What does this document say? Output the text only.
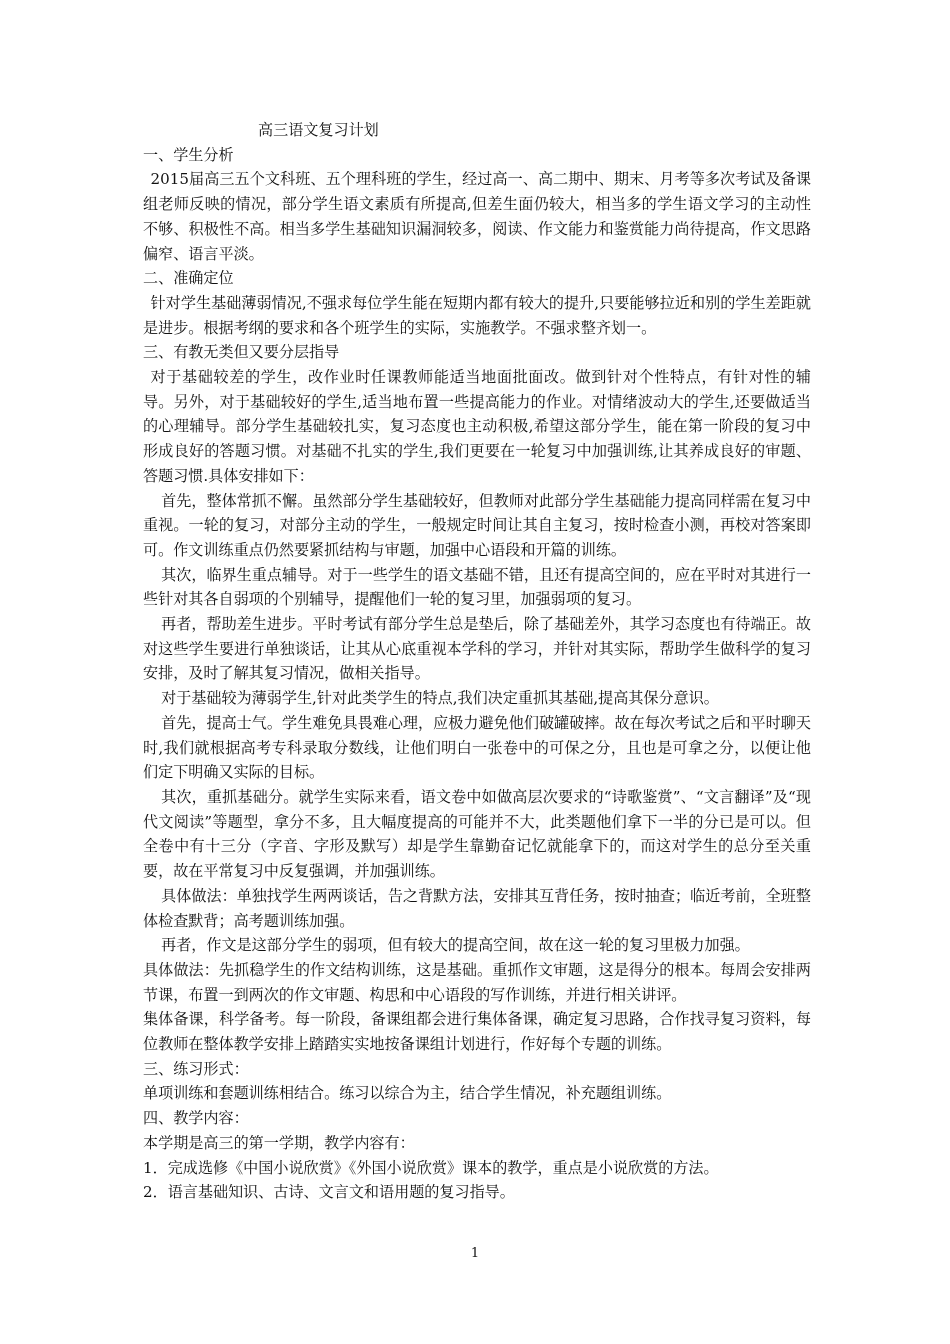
高三语文复习计划

一、学生分析

2015届高三五个文科班、五个理科班的学生，经过高一、高二期中、期末、月考等多次考试及备课组老师反映的情况，部分学生语文素质有所提高,但差生面仍较大，相当多的学生语文学习的主动性不够、积极性不高。相当多学生基础知识漏洞较多，阅读、作文能力和鉴赏能力尚待提高，作文思路偏窄、语言平淡。

二、准确定位

针对学生基础薄弱情况,不强求每位学生能在短期内都有较大的提升,只要能够拉近和别的学生差距就是进步。根据考纲的要求和各个班学生的实际，实施教学。不强求整齐划一。

三、有教无类但又要分层指导

对于基础较差的学生，改作业时任课教师能适当地面批面改。做到针对个性特点，有针对性的辅导。另外，对于基础较好的学生,适当地布置一些提高能力的作业。对情绪波动大的学生,还要做适当的心理辅导。部分学生基础较扎实，复习态度也主动积极,希望这部分学生，能在第一阶段的复习中形成良好的答题习惯。对基础不扎实的学生,我们更要在一轮复习中加强训练,让其养成良好的审题、答题习惯.具体安排如下：

首先，整体常抓不懈。虽然部分学生基础较好，但教师对此部分学生基础能力提高同样需在复习中重视。一轮的复习，对部分主动的学生，一般规定时间让其自主复习，按时检查小测，再校对答案即可。作文训练重点仍然要紧抓结构与审题，加强中心语段和开篇的训练。

其次，临界生重点辅导。对于一些学生的语文基础不错，且还有提高空间的，应在平时对其进行一些针对其各自弱项的个别辅导，提醒他们一轮的复习里，加强弱项的复习。

再者，帮助差生进步。平时考试有部分学生总是垫后，除了基础差外，其学习态度也有待端正。故对这些学生要进行单独谈话，让其从心底重视本学科的学习，并针对其实际，帮助学生做科学的复习安排，及时了解其复习情况，做相关指导。

对于基础较为薄弱学生,针对此类学生的特点,我们决定重抓其基础,提高其保分意识。

首先，提高士气。学生难免具畏难心理，应极力避免他们破罐破摔。故在每次考试之后和平时聊天时,我们就根据高考专科录取分数线，让他们明白一张卷中的可保之分，且也是可拿之分，以便让他们定下明确又实际的目标。

其次，重抓基础分。就学生实际来看，语文卷中如做高层次要求的“诗歌鉴赏”、“文言翻译”及“现代文阅读”等题型，拿分不多，且大幅度提高的可能并不大，此类题他们拿下一半的分已是可以。但全卷中有十三分（字音、字形及默写）却是学生靠勤奋记忆就能拿下的，而这对学生的总分至关重要，故在平常复习中反复强调，并加强训练。

具体做法：单独找学生两两谈话，告之背默方法，安排其互背任务，按时抽查；临近考前，全班整体检查默背；高考题训练加强。

再者，作文是这部分学生的弱项，但有较大的提高空间，故在这一轮的复习里极力加强。

具体做法：先抓稳学生的作文结构训练，这是基础。重抓作文审题，这是得分的根本。每周会安排两节课，布置一到两次的作文审题、构思和中心语段的写作训练，并进行相关讲评。

集体备课，科学备考。每一阶段，备课组都会进行集体备课，确定复习思路，合作找寻复习资料，每位教师在整体教学安排上踏踏实实地按备课组计划进行，作好每个专题的训练。

三、练习形式：

单项训练和套题训练相结合。练习以综合为主，结合学生情况，补充题组训练。

四、教学内容：

本学期是高三的第一学期，教学内容有：

1．完成选修《中国小说欣赏》《外国小说欣赏》课本的教学，重点是小说欣赏的方法。

2．语言基础知识、古诗、文言文和语用题的复习指导。

1
